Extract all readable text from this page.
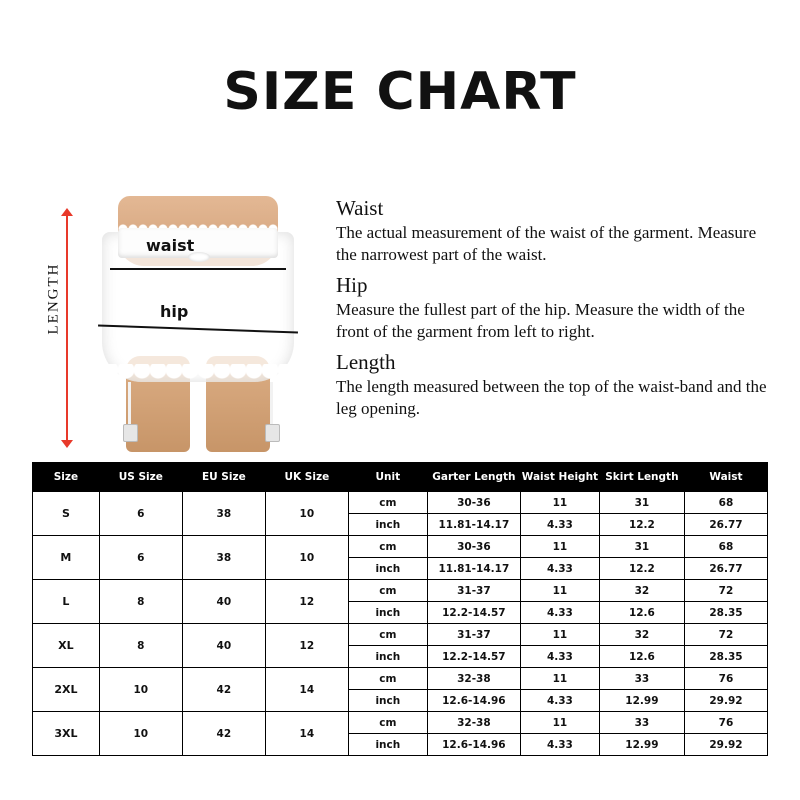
SIZE CHART
LENGTH
waist
hip
Waist

The actual measurement of the waist of the garment. Measure the narrowest part of the waist.

Hip

Measure the fullest part of the hip. Measure the width of the front of the garment from left to right.

Length

The length measured between the top of the waist-band and the leg opening.

Size	US Size	EU Size	UK Size	Unit	Garter Length	Waist Height	Skirt Length	Waist
S	6	38	10	cm	30-36	11	31	68
				inch	11.81-14.17	4.33	12.2	26.77
M	6	38	10	cm	30-36	11	31	68
				inch	11.81-14.17	4.33	12.2	26.77
L	8	40	12	cm	31-37	11	32	72
				inch	12.2-14.57	4.33	12.6	28.35
XL	8	40	12	cm	31-37	11	32	72
				inch	12.2-14.57	4.33	12.6	28.35
2XL	10	42	14	cm	32-38	11	33	76
				inch	12.6-14.96	4.33	12.99	29.92
3XL	10	42	14	cm	32-38	11	33	76
				inch	12.6-14.96	4.33	12.99	29.92
